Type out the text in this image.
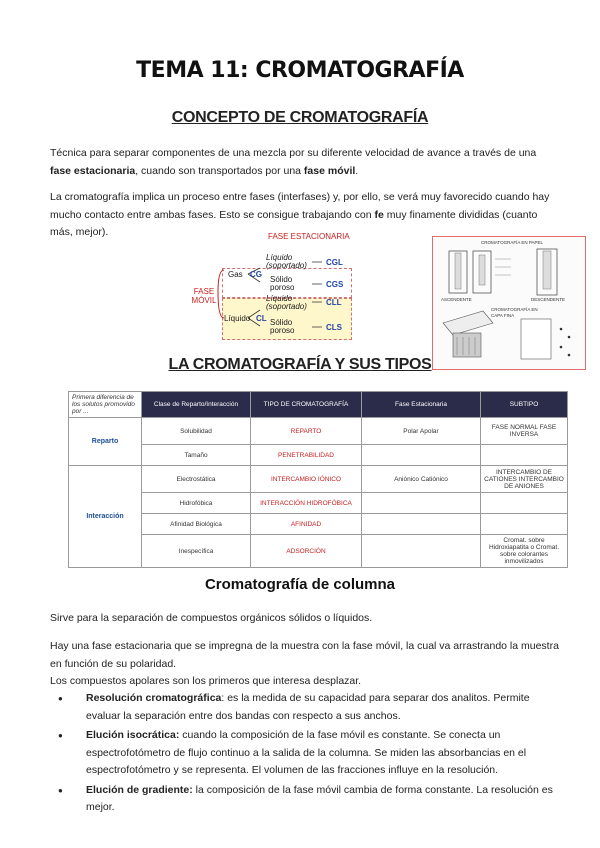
TEMA 11: CROMATOGRAFÍA
CONCEPTO DE CROMATOGRAFÍA

Técnica para separar componentes de una mezcla por su diferente velocidad de avance a través de una fase estacionaria, cuando son transportados por una fase móvil.

La cromatografía implica un proceso entre fases (interfases) y, por ello, se verá muy favorecido cuando hay mucho contacto entre ambas fases. Esto se consigue trabajando con fe muy finamente divididas (cuanto más, mejor).	FASE ESTACIONARIA
FASE MÓVIL
Gas CG
Líquido CL
Líquido (soportado)
Sólido poroso
Líquido (soportado)
Sólido poroso
CGL
CGS
CLL
CLS
CROMATOGRAFÍA EN PAPEL
ASCENDENTE	DESCENDENTE
CROMATOGRAFÍA EN CAPA FINA
LA CROMATOGRAFÍA Y SUS TIPOS
Primera diferencia de los solutos promovido por ...	Clase de Reparto/Interacción	TIPO DE CROMATOGRAFÍA	Fase Estacionaria	SUBTIPO
Reparto	Solubilidad	REPARTO	Polar Apolar	FASE NORMAL FASE INVERSA
	Tamaño	PENETRABILIDAD		
Interacción	Electrostática	INTERCAMBIO IÓNICO	Aniónico Catiónico	INTERCAMBIO DE CATIONES INTERCAMBIO DE ANIONES
	Hidrofóbica	INTERACCIÓN HIDROFÓBICA		
	Afinidad Biológica	AFINIDAD		
	Inespecífica	ADSORCIÓN		Cromat. sobre Hidroxiapatita o Cromat. sobre colorantes inmovilizados
Cromatografía de columna

Sirve para la separación de compuestos orgánicos sólidos o líquidos.

Hay una fase estacionaria que se impregna de la muestra con la fase móvil, la cual va arrastrando la muestra en función de su polaridad.

Los compuestos apolares son los primeros que interesa desplazar.

● Resolución cromatográfica: es la medida de su capacidad para separar dos analitos. Permite evaluar la separación entre dos bandas con respecto a sus anchos.
● Elución isocrática: cuando la composición de la fase móvil es constante. Se conecta un espectrofotómetro de flujo continuo a la salida de la columna. Se miden las absorbancias en el espectrofotómetro y se representa. El volumen de las fracciones influye en la resolución.
● Elución de gradiente: la composición de la fase móvil cambia de forma constante. La resolución es mejor.
